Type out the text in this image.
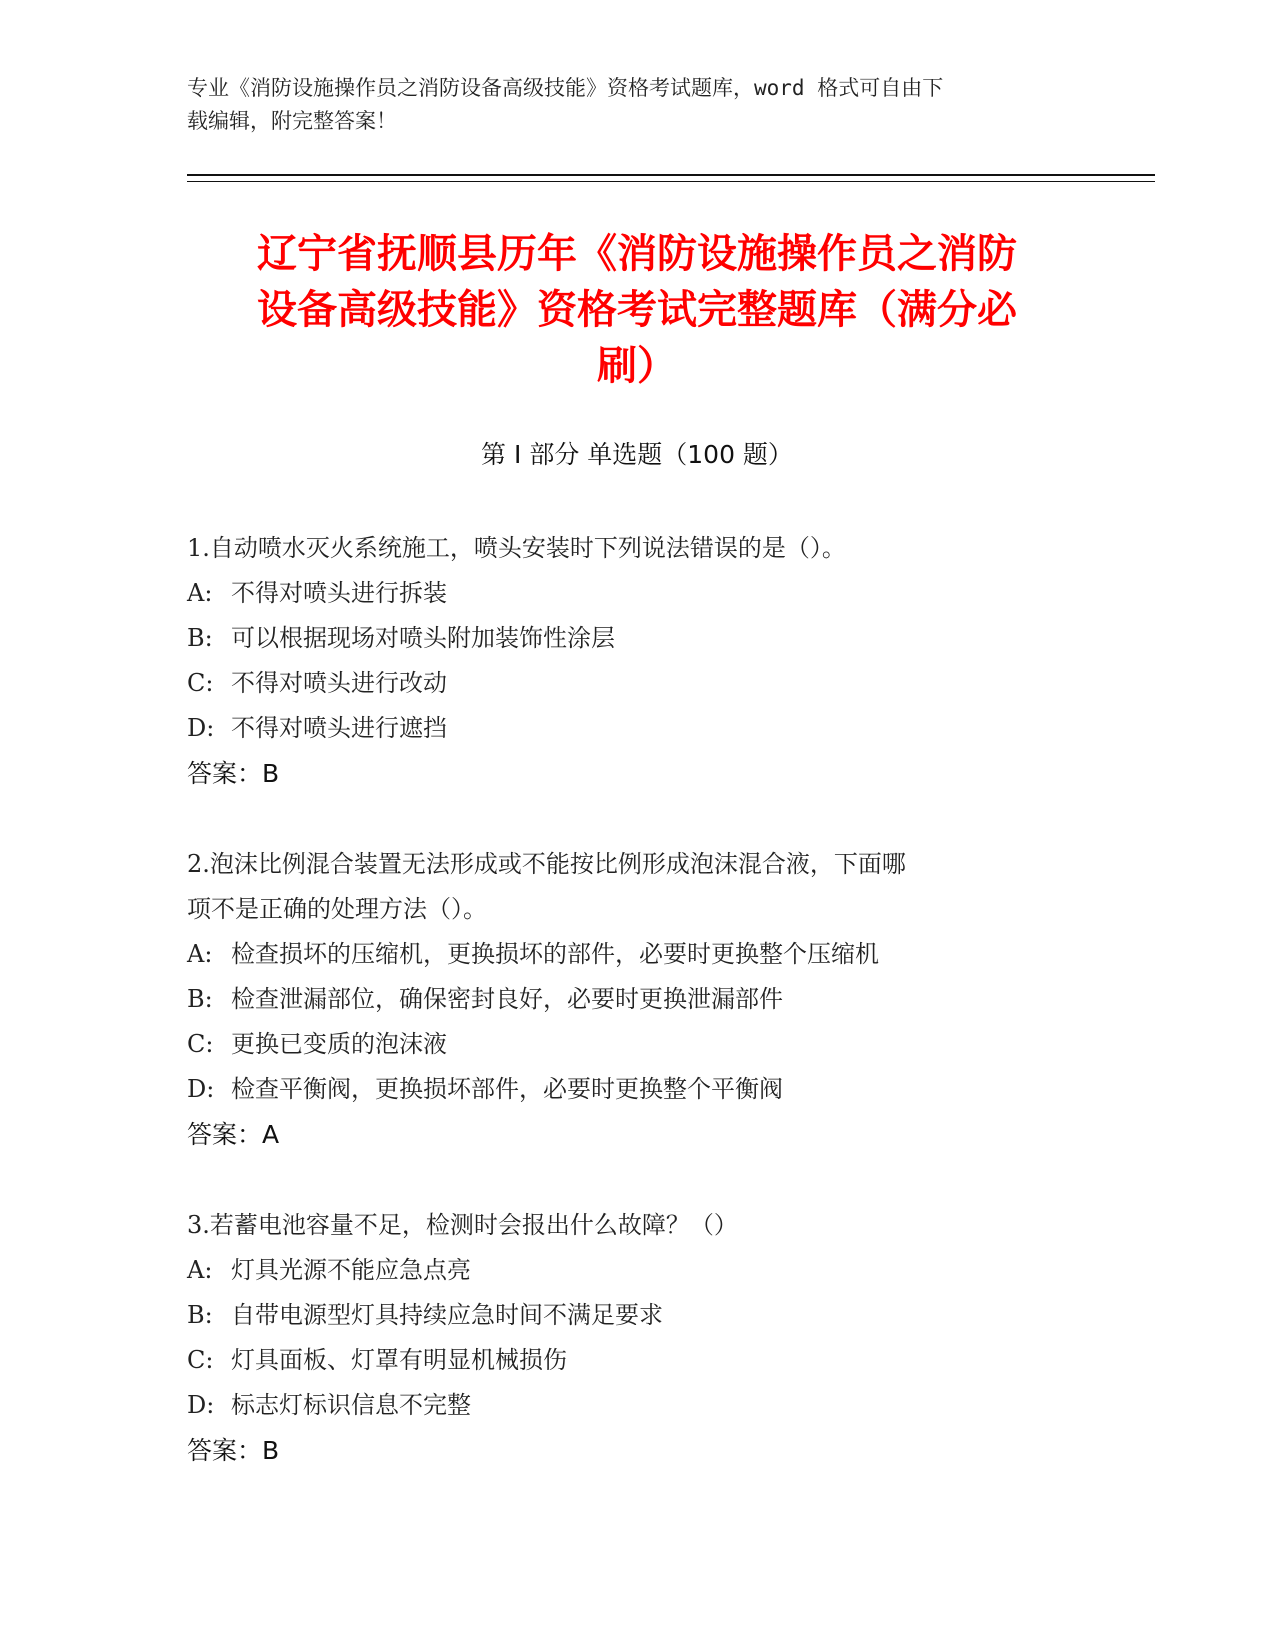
专业《消防设施操作员之消防设备高级技能》资格考试题库，word 格式可自由下
载编辑，附完整答案！
辽宁省抚顺县历年《消防设施操作员之消防
设备高级技能》资格考试完整题库（满分必
刷）
第 I 部分 单选题（100 题）
1.自动喷水灭火系统施工，喷头安装时下列说法错误的是（）。
A: 不得对喷头进行拆装
B: 可以根据现场对喷头附加装饰性涂层
C: 不得对喷头进行改动
D: 不得对喷头进行遮挡
答案：B
2.泡沫比例混合装置无法形成或不能按比例形成泡沫混合液，下面哪
项不是正确的处理方法（）。
A: 检查损坏的压缩机，更换损坏的部件，必要时更换整个压缩机
B: 检查泄漏部位，确保密封良好，必要时更换泄漏部件
C: 更换已变质的泡沫液
D: 检查平衡阀，更换损坏部件，必要时更换整个平衡阀
答案：A
3.若蓄电池容量不足，检测时会报出什么故障？（）
A: 灯具光源不能应急点亮
B: 自带电源型灯具持续应急时间不满足要求
C: 灯具面板、灯罩有明显机械损伤
D: 标志灯标识信息不完整
答案：B
